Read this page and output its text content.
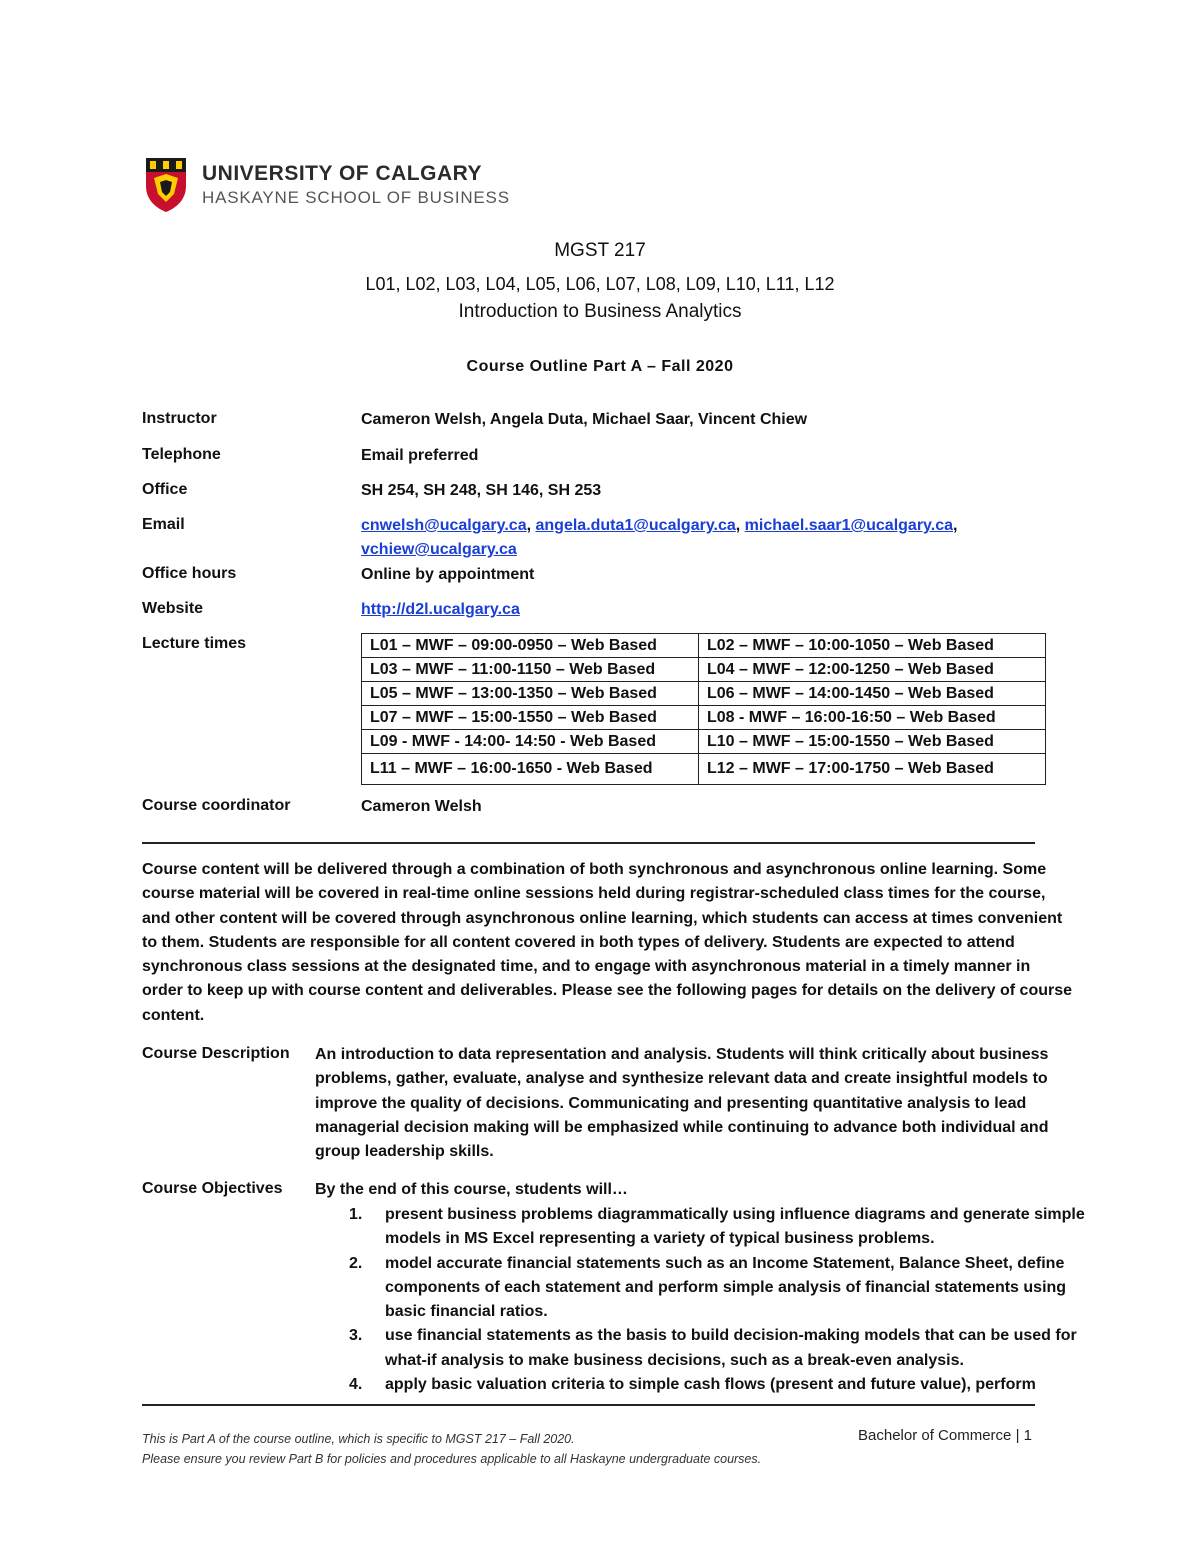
UNIVERSITY OF CALGARY
HASKAYNE SCHOOL OF BUSINESS
MGST 217
L01, L02, L03, L04, L05, L06, L07, L08, L09, L10, L11, L12
Introduction to Business Analytics
Course Outline Part A – Fall 2020
Instructor	Cameron Welsh, Angela Duta, Michael Saar, Vincent Chiew
Telephone	Email preferred
Office	SH 254, SH 248, SH 146, SH 253
Email	cnwelsh@ucalgary.ca, angela.duta1@ucalgary.ca, michael.saar1@ucalgary.ca,
vchiew@ucalgary.ca
Office hours	Online by appointment
Website	http://d2l.ucalgary.ca
Lecture times	L01 – MWF – 09:00-0950 – Web Based	L02 – MWF – 10:00-1050 – Web Based
L03 – MWF – 11:00-1150 – Web Based	L04 – MWF – 12:00-1250 – Web Based
L05 – MWF – 13:00-1350 – Web Based	L06 – MWF – 14:00-1450 – Web Based
L07 – MWF – 15:00-1550 – Web Based	L08 - MWF – 16:00-16:50 – Web Based
L09 - MWF - 14:00- 14:50 - Web Based	L10 – MWF – 15:00-1550 – Web Based
L11 – MWF – 16:00-1650 - Web Based	L12 – MWF – 17:00-1750 – Web Based
Course coordinator	Cameron Welsh
Course content will be delivered through a combination of both synchronous and asynchronous online learning. Some course material will be covered in real-time online sessions held during registrar-scheduled class times for the course, and other content will be covered through asynchronous online learning, which students can access at times convenient to them. Students are responsible for all content covered in both types of delivery. Students are expected to attend synchronous class sessions at the designated time, and to engage with asynchronous material in a timely manner in order to keep up with course content and deliverables. Please see the following pages for details on the delivery of course content.
Course Description An introduction to data representation and analysis. Students will think critically about business problems, gather, evaluate, analyse and synthesize relevant data and create insightful models to improve the quality of decisions. Communicating and presenting quantitative analysis to lead managerial decision making will be emphasized while continuing to advance both individual and group leadership skills.
Course Objectives By the end of this course, students will…
1. present business problems diagrammatically using influence diagrams and generate simple models in MS Excel representing a variety of typical business problems.
2. model accurate financial statements such as an Income Statement, Balance Sheet, define components of each statement and perform simple analysis of financial statements using basic financial ratios.
3. use financial statements as the basis to build decision-making models that can be used for what-if analysis to make business decisions, such as a break-even analysis.
4. apply basic valuation criteria to simple cash flows (present and future value), perform
This is Part A of the course outline, which is specific to MGST 217 – Fall 2020.
Please ensure you review Part B for policies and procedures applicable to all Haskayne undergraduate courses.
Bachelor of Commerce | 1
